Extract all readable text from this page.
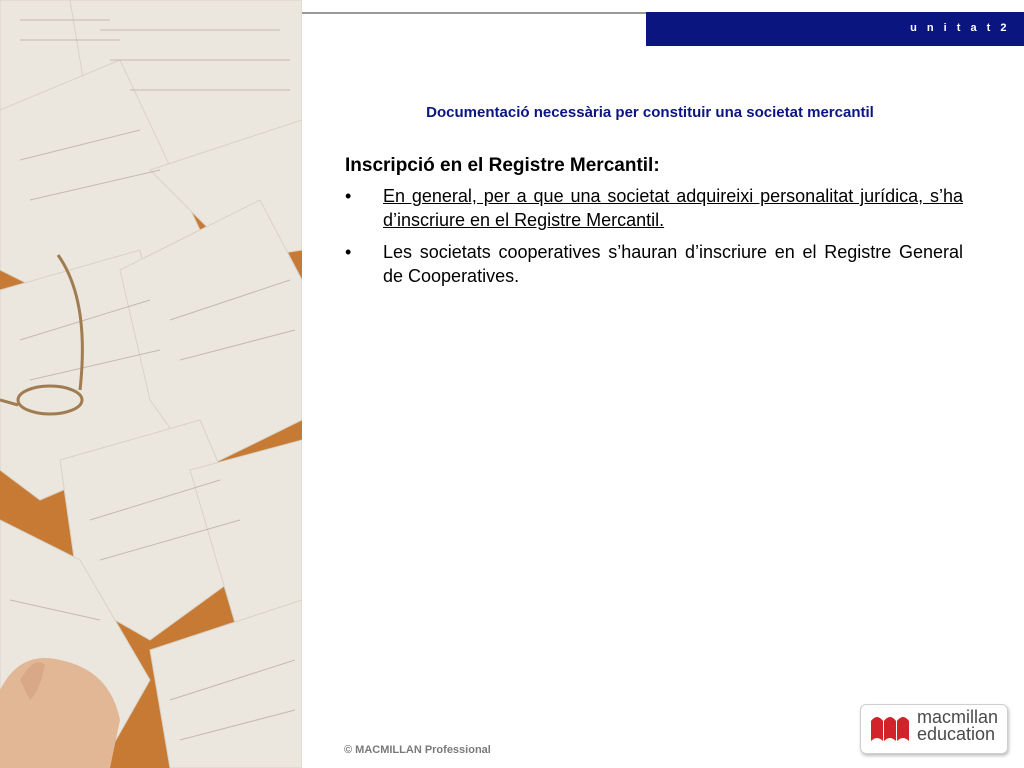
u n i t a t 2
Documentació necessària per constituir una societat mercantil
Inscripció en el Registre Mercantil:
• En general, per a que una societat adquireixi personalitat jurídica, s’ha d’inscriure en el Registre Mercantil.
• Les societats cooperatives s’hauran d’inscriure en el Registre General de Cooperatives.
© MACMILLAN Professional
macmillan
education
